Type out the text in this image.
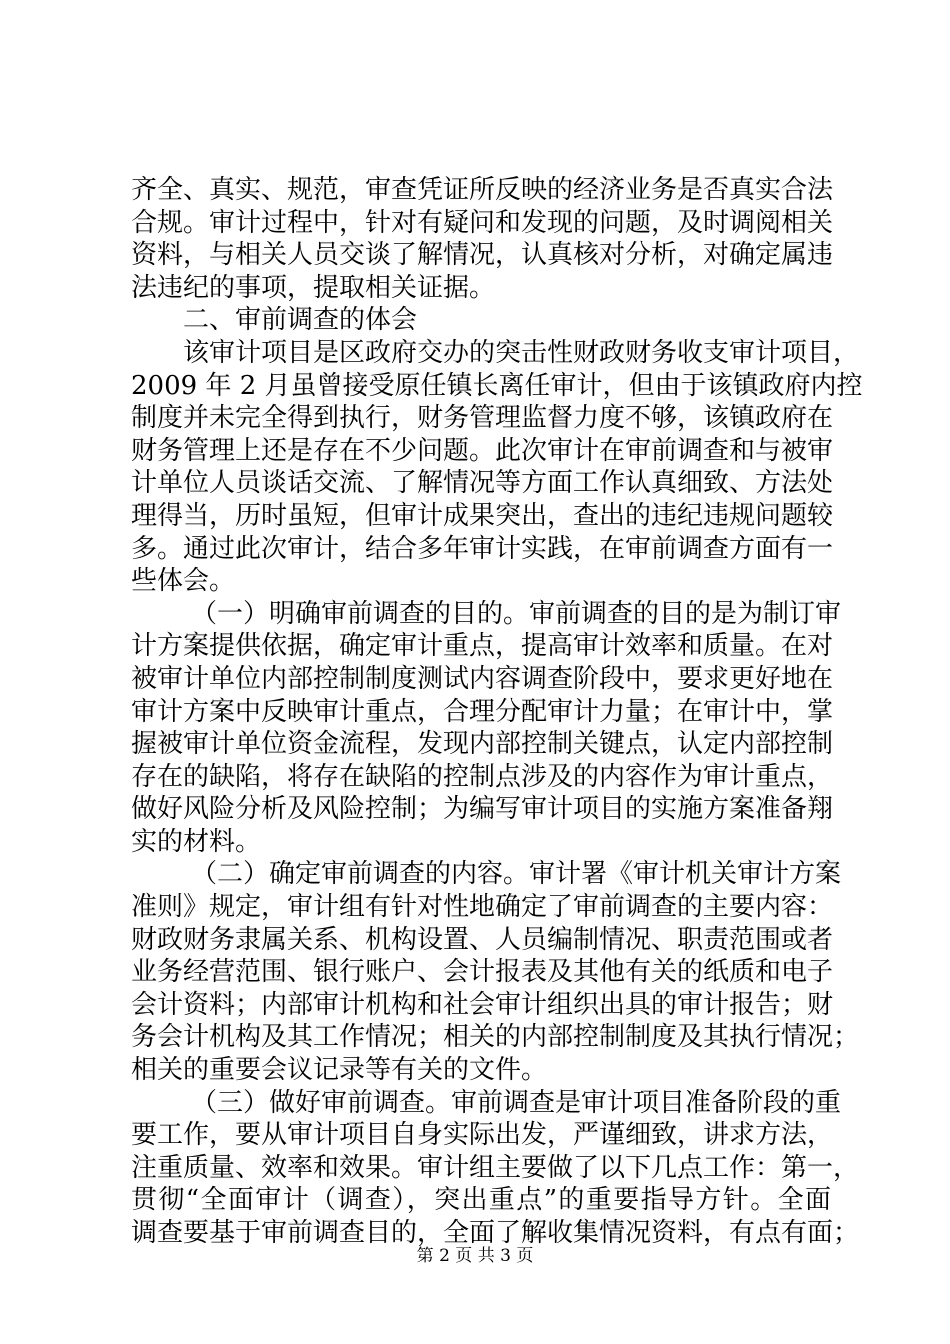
齐全、真实、规范，审查凭证所反映的经济业务是否真实合法
合规。审计过程中，针对有疑问和发现的问题，及时调阅相关
资料，与相关人员交谈了解情况，认真核对分析，对确定属违
法违纪的事项，提取相关证据。
二、审前调查的体会
该审计项目是区政府交办的突击性财政财务收支审计项目，
2009 年 2 月虽曾接受原任镇长离任审计，但由于该镇政府内控
制度并未完全得到执行，财务管理监督力度不够，该镇政府在
财务管理上还是存在不少问题。此次审计在审前调查和与被审
计单位人员谈话交流、了解情况等方面工作认真细致、方法处
理得当，历时虽短，但审计成果突出，查出的违纪违规问题较
多。通过此次审计，结合多年审计实践，在审前调查方面有一
些体会。
（一）明确审前调查的目的。审前调查的目的是为制订审
计方案提供依据，确定审计重点，提高审计效率和质量。在对
被审计单位内部控制制度测试内容调查阶段中，要求更好地在
审计方案中反映审计重点，合理分配审计力量；在审计中，掌
握被审计单位资金流程，发现内部控制关键点，认定内部控制
存在的缺陷，将存在缺陷的控制点涉及的内容作为审计重点，
做好风险分析及风险控制；为编写审计项目的实施方案准备翔
实的材料。
（二）确定审前调查的内容。审计署《审计机关审计方案
准则》规定，审计组有针对性地确定了审前调查的主要内容：
财政财务隶属关系、机构设置、人员编制情况、职责范围或者
业务经营范围、银行账户、会计报表及其他有关的纸质和电子
会计资料；内部审计机构和社会审计组织出具的审计报告；财
务会计机构及其工作情况；相关的内部控制制度及其执行情况；
相关的重要会议记录等有关的文件。
（三）做好审前调查。审前调查是审计项目准备阶段的重
要工作，要从审计项目自身实际出发，严谨细致，讲求方法，
注重质量、效率和效果。审计组主要做了以下几点工作：第一，
贯彻“全面审计（调查），突出重点”的重要指导方针。全面
调查要基于审前调查目的，全面了解收集情况资料，有点有面；
第 2 页 共 3 页
